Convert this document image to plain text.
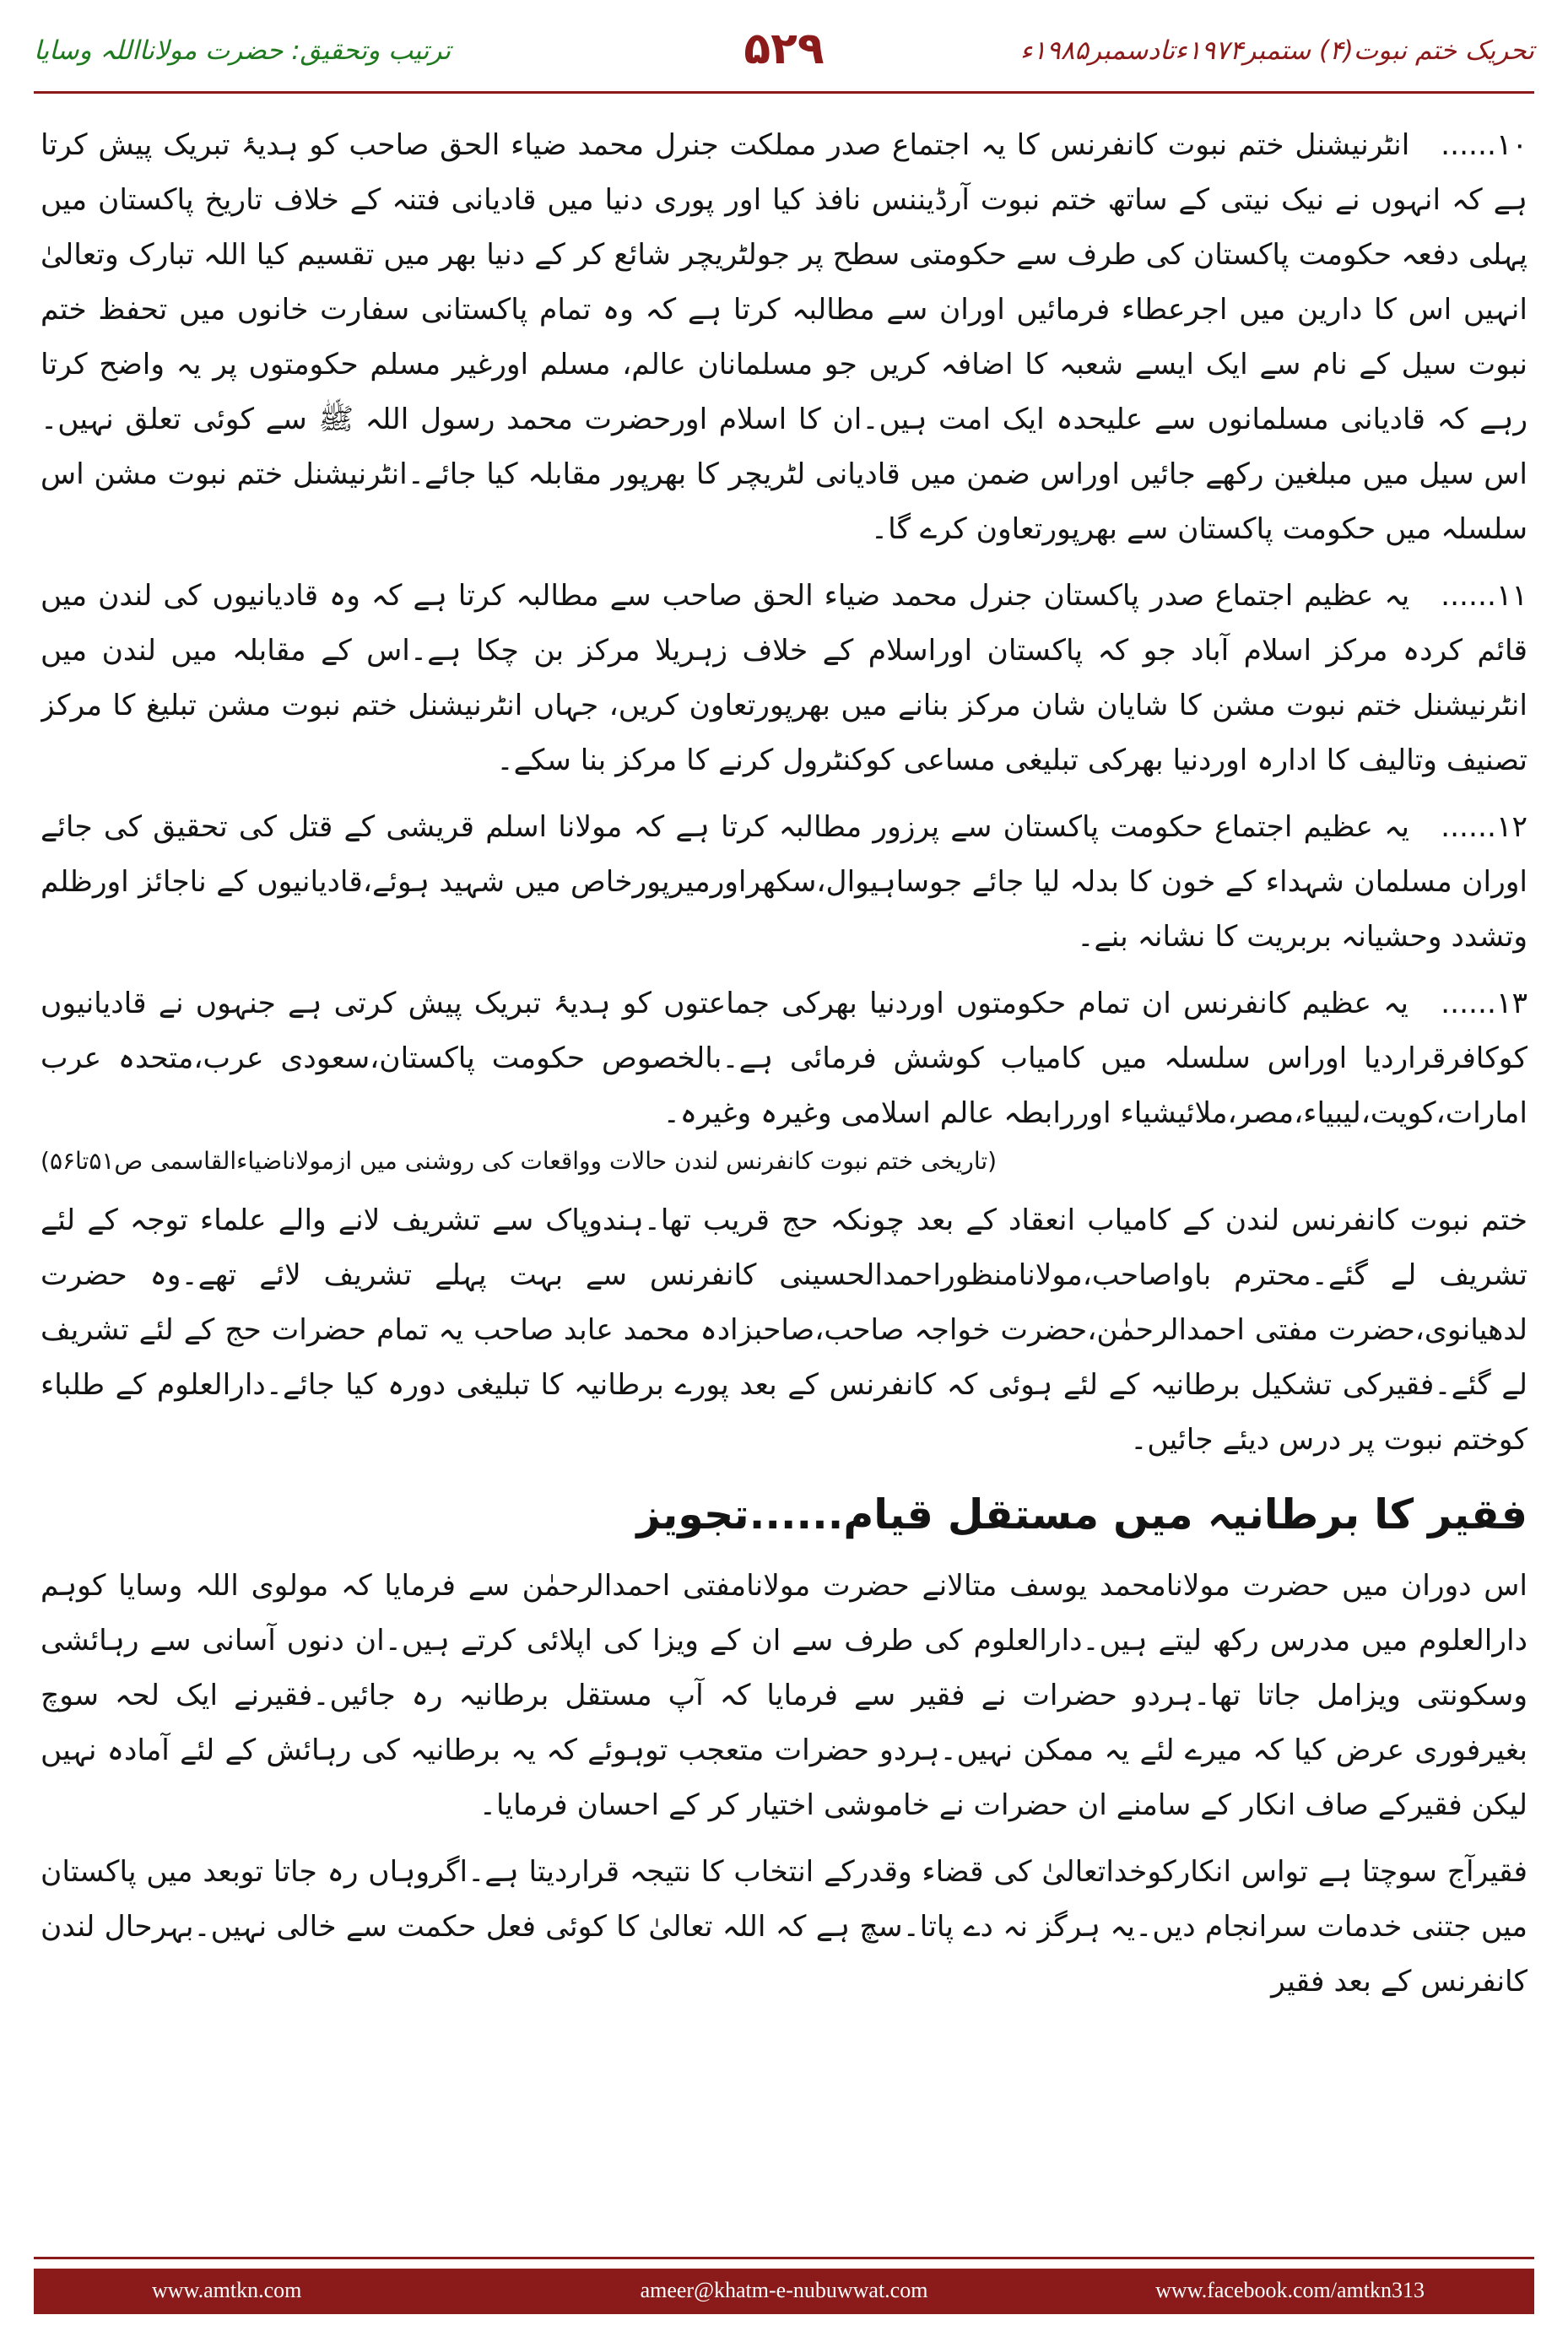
ترتیب وتحقیق: حضرت مولانااللہ وسایا	۵۲۹	تحریک ختم نبوت(۴) ستمبر۱۹۷۴ءتادسمبر۱۹۸۵ء

۱۰...... انٹرنیشنل ختم نبوت کانفرنس کا یہ اجتماع صدر مملکت جنرل محمد ضیاء الحق صاحب کو ہدیۂ تبریک پیش کرتا ہے کہ انہوں نے نیک نیتی کے ساتھ ختم نبوت آرڈیننس نافذ کیا اور پوری دنیا میں قادیانی فتنہ کے خلاف تاریخ پاکستان میں پہلی دفعہ حکومت پاکستان کی طرف سے حکومتی سطح پر جولٹریچر شائع کر کے دنیا بھر میں تقسیم کیا اللہ تبارک وتعالیٰ انہیں اس کا دارین میں اجرعطاء فرمائیں اوران سے مطالبہ کرتا ہے کہ وہ تمام پاکستانی سفارت خانوں میں تحفظ ختم نبوت سیل کے نام سے ایک ایسے شعبہ کا اضافہ کریں جو مسلمانان عالم، مسلم اورغیر مسلم حکومتوں پر یہ واضح کرتا رہے کہ قادیانی مسلمانوں سے علیحدہ ایک امت ہیں۔ان کا اسلام اورحضرت محمد رسول اللہ ﷺ سے کوئی تعلق نہیں۔اس سیل میں مبلغین رکھے جائیں اوراس ضمن میں قادیانی لٹریچر کا بھرپور مقابلہ کیا جائے۔انٹرنیشنل ختم نبوت مشن اس سلسلہ میں حکومت پاکستان سے بھرپورتعاون کرے گا۔

۱۱...... یہ عظیم اجتماع صدر پاکستان جنرل محمد ضیاء الحق صاحب سے مطالبہ کرتا ہے کہ وہ قادیانیوں کی لندن میں قائم کردہ مرکز اسلام آباد جو کہ پاکستان اوراسلام کے خلاف زہریلا مرکز بن چکا ہے۔اس کے مقابلہ میں لندن میں انٹرنیشنل ختم نبوت مشن کا شایان شان مرکز بنانے میں بھرپورتعاون کریں، جہاں انٹرنیشنل ختم نبوت مشن تبلیغ کا مرکز تصنیف وتالیف کا ادارہ اوردنیا بھرکی تبلیغی مساعی کوکنٹرول کرنے کا مرکز بنا سکے۔

۱۲...... یہ عظیم اجتماع حکومت پاکستان سے پرزور مطالبہ کرتا ہے کہ مولانا اسلم قریشی کے قتل کی تحقیق کی جائے اوران مسلمان شہداء کے خون کا بدلہ لیا جائے جوساہیوال،سکھراورمیرپورخاص میں شہید ہوئے،قادیانیوں کے ناجائز اورظلم وتشدد وحشیانہ بربریت کا نشانہ بنے۔

۱۳...... یہ عظیم کانفرنس ان تمام حکومتوں اوردنیا بھرکی جماعتوں کو ہدیۂ تبریک پیش کرتی ہے جنہوں نے قادیانیوں کوکافرقراردیا اوراس سلسلہ میں کامیاب کوشش فرمائی ہے۔بالخصوص حکومت پاکستان،سعودی عرب،متحدہ عرب امارات،کویت،لیبیاء،مصر،ملائیشیاء اوررابطہ عالم اسلامی وغیرہ وغیرہ۔
(تاریخی ختم نبوت کانفرنس لندن حالات وواقعات کی روشنی میں ازمولاناضیاءالقاسمی ص۵۱تا۵۶)

ختم نبوت کانفرنس لندن کے کامیاب انعقاد کے بعد چونکہ حج قریب تھا۔ہندوپاک سے تشریف لانے والے علماء توجہ کے لئے تشریف لے گئے۔محترم باواصاحب،مولانامنظوراحمدالحسینی کانفرنس سے بہت پہلے تشریف لائے تھے۔وہ حضرت لدھیانوی،حضرت مفتی احمدالرحمٰن،حضرت خواجہ صاحب،صاحبزادہ محمد عابد صاحب یہ تمام حضرات حج کے لئے تشریف لے گئے۔فقیرکی تشکیل برطانیہ کے لئے ہوئی کہ کانفرنس کے بعد پورے برطانیہ کا تبلیغی دورہ کیا جائے۔دارالعلوم کے طلباء کوختم نبوت پر درس دیئے جائیں۔

فقیر کا برطانیہ میں مستقل قیام......تجویز

اس دوران میں حضرت مولانامحمد یوسف متالانے حضرت مولانامفتی احمدالرحمٰن سے فرمایا کہ مولوی اللہ وسایا کوہم دارالعلوم میں مدرس رکھ لیتے ہیں۔دارالعلوم کی طرف سے ان کے ویزا کی اپلائی کرتے ہیں۔ان دنوں آسانی سے رہائشی وسکونتی ویزامل جاتا تھا۔ہردو حضرات نے فقیر سے فرمایا کہ آپ مستقل برطانیہ رہ جائیں۔فقیرنے ایک لحہ سوچ بغیرفوری عرض کیا کہ میرے لئے یہ ممکن نہیں۔ہردو حضرات متعجب توہوئے کہ یہ برطانیہ کی رہائش کے لئے آمادہ نہیں لیکن فقیرکے صاف انکار کے سامنے ان حضرات نے خاموشی اختیار کر کے احسان فرمایا۔

فقیرآج سوچتا ہے تواس انکارکوخداتعالیٰ کی قضاء وقدرکے انتخاب کا نتیجہ قراردیتا ہے۔اگروہاں رہ جاتا توبعد میں پاکستان میں جتنی خدمات سرانجام دیں۔یہ ہرگز نہ دے پاتا۔سچ ہے کہ اللہ تعالیٰ کا کوئی فعل حکمت سے خالی نہیں۔بہرحال لندن کانفرنس کے بعد فقیر

www.amtkn.com	ameer@khatm-e-nubuwwat.com	www.facebook.com/amtkn313
